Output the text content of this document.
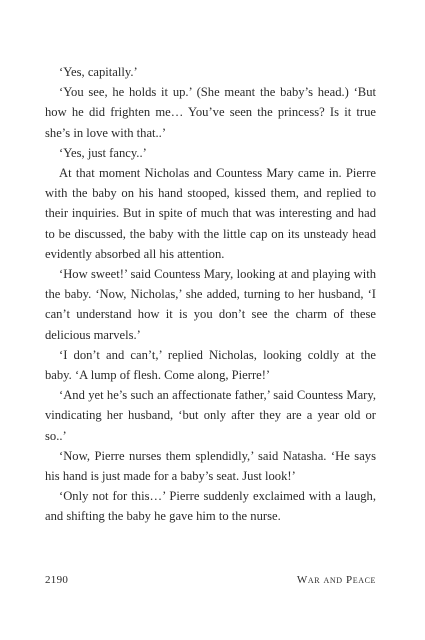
‘Yes, capitally.’

‘You see, he holds it up.’ (She meant the baby’s head.) ‘But how he did frighten me… You’ve seen the princess? Is it true she’s in love with that..’

‘Yes, just fancy..’

At that moment Nicholas and Countess Mary came in. Pierre with the baby on his hand stooped, kissed them, and replied to their inquiries. But in spite of much that was interesting and had to be discussed, the baby with the little cap on its unsteady head evidently absorbed all his attention.

‘How sweet!’ said Countess Mary, looking at and playing with the baby. ‘Now, Nicholas,’ she added, turning to her husband, ‘I can’t understand how it is you don’t see the charm of these delicious marvels.’

‘I don’t and can’t,’ replied Nicholas, looking coldly at the baby. ‘A lump of flesh. Come along, Pierre!’

‘And yet he’s such an affectionate father,’ said Countess Mary, vindicating her husband, ‘but only after they are a year old or so..’

‘Now, Pierre nurses them splendidly,’ said Natasha. ‘He says his hand is just made for a baby’s seat. Just look!’

‘Only not for this…’ Pierre suddenly exclaimed with a laugh, and shifting the baby he gave him to the nurse.

2190	War and Peace
